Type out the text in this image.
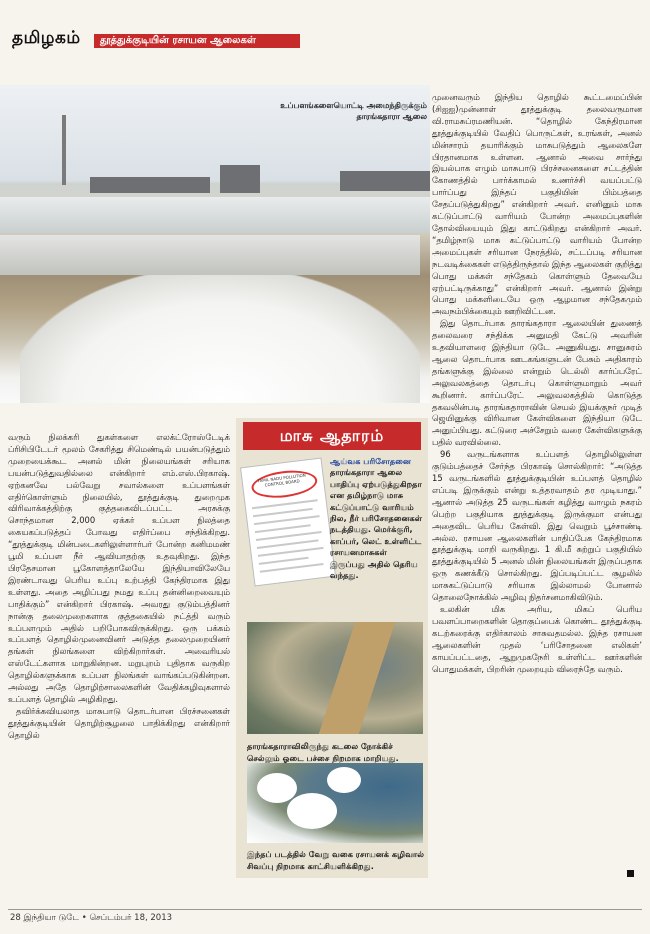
தமிழகம் தூத்துக்குடியின் ரசாயன ஆலைகள்
உப்பளங்களையொட்டி அமைந்திருக்கும் தாரங்கதாரா ஆலை

முனைவரும் இந்திய தொழில் கூட்டமைப்பின் (சிஐஐ)முன்னாள் தூத்துக்குடி தலைவருமான வி.ராமசுப்ரமணியன். “தொழில் கேந்திரமான தூத்துக்குடியில் வேதிப் பொருட்கள், உரங்கள், அனல் மின்சாரம் தயாரிக்கும் மாசுபடுத்தும் ஆலைகளே பிரதானமாக உள்ளன. ஆனால் அவை சார்ந்து இயல்பாக எழும் மாசுபாடு பிரச்சனைகளை சட்டத்தின் கோணத்தில் பார்க்காமல் உணர்ச்சி வயப்பட்டு பார்ப்பது இந்தப் பகுதியின் பிம்பத்தை சேதப்படுத்துகிறது” என்கிறார் அவர். எனினும் மாசு கட்டுப்பாட்டு வாரியம் போன்ற அமைப்புகளின் தோல்வியையும் இது காட்டுகிறது என்கிறார் அவர். “தமிழ்நாடு மாசு கட்டுப்பாட்டு வாரியம் போன்ற அமைப்புகள் சரியான நேரத்தில், சட்டப்படி சரியான நடவடிக்கைகள் எடுத்திருந்தால் இந்த ஆலைகள் குறித்து பொது மக்கள் சந்தேகம் கொள்ளும் தேவையே ஏற்பட்டிருக்காது” என்கிறார் அவர். ஆனால் இன்று பொது மக்களிடையே ஒரு ஆழமான சந்தேகமும் அவநம்பிக்கையும் ஊறிவிட்டன.

இது தொடர்பாக தாரங்கதாரா ஆலையின் துணைத் தலைவரை சந்திக்க அனுமதி கேட்டு அவரின் உதவியாளரை இந்தியா டுடே அணுகியது. சானுசுரம் ஆலை தொடர்பாக ஊடகங்களுடன் பேசும் அதிகாரம் தங்களுக்கு இல்லை என்றும் டெல்லி கார்ப்பரேட் அலுவலகத்தை தொடர்பு கொள்ளுமாறும் அவர் கூறினார். கார்ப்பரேட் அலுவலகத்தில் கொடுத்த தகவலின்படி தாரங்கதாராவின் செயல் இயக்குநர் முடித் ஜெயினுக்கு விரிவான கேள்விகளை இந்தியா டுடே அனுப்பியது. கட்டுரை அச்சேறும் வரை கேள்விகளுக்கு பதில் வரவில்லை.

96 வருடங்களாக உப்பளத் தொழிலிலுள்ள குடும்பத்தைச் சேர்ந்த பிரகாஷ் சொல்கிறார்: “அடுத்த 15 வருடங்களில் தூத்துக்குடியின் உப்பளத் தொழில் எப்படி இருக்கும் என்று உத்தரவாதம் தர முடியாது.” ஆனால் அடுத்த 25 வருடங்கள் கழித்து வாழும் நகரம் பெற்ற பகுதியாக தூத்துக்குடி இருக்குமா என்பது அதைவிட பெரிய கேள்வி. இது வெறும் பூச்சாண்டி அல்ல. ரசாயன ஆலைகளின் பாதிப்பேக கேந்திரமாக தூத்துக்குடி மாறி வருகிறது. 1 கி.மீ சுற்றுப் பகுதியில் தூத்துக்குடியில் 5 அனல் மின் நிலையங்கள் இருப்பதாக ஒரு கணக்கீடு சொல்கிறது. இப்படிப்பட்ட சூழலில் மாசுகட்டுப்பாடு சரியாக இல்லாமல் போனால் தொலைநோக்கில் அழிவு நிதர்சனமாகிவிடும்.

உலகின் மிக அரிய, மிகப் பெரிய பவளப்பாறைகளின் தொகுப்பைக் கொண்ட தூத்துக்குடி கடற்கரைக்கு எதிர்காலம் சாசுவதமல்ல. இந்த ரசாயன ஆலைகளின் முதல் ‘பரிசோதனை எலிகள்’ காயப்பட்டதை, ஆறுமுகநேரி உள்ளிட்ட ஊர்களின் பொதுமக்கள், பிறரின் முறையும் விரைந்தே வரும்.

வரும் நிலக்கரி துகள்களை எலக்ட்ரோஸ்டேடிக் ப்ரிசிபிடேடர் மூலம் சேகரித்து சிமெண்டில் பயன்படுத்தும் முறையைக்கூட அனல் மின் நிலையங்கள் சரியாக பயன்படுத்துவதில்லை என்கிறார் எம்.எஸ்.பிரகாஷ். ஏற்கனவே பல்வேறு சவால்களை உப்பளங்கள் எதிர்கொள்ளும் நிலையில், தூத்துக்குடி துறைமுக விரிவாக்கத்திற்கு குத்தகைவிடப்பட்ட அரசுக்கு சொந்தமான 2,000 ஏக்கர் உப்பள நிலத்தை கையகப்படுத்தப் போவது எதிர்ப்பை சந்திக்கிறது. “தூத்துக்குடி மின்படைகளிலுள்ளார்பர் போன்ற கனிமமண் பூமி உப்பள நீர் ஆவியாதற்கு உதவுகிறது. இந்த பிரதேசமான பூகோளத்தாலேயே இந்தியாவிலேயே இரண்டாவது பெரிய உப்பு உற்பத்தி கேந்திரமாக இது உள்ளது. அதை அழிப்பது நமது உப்பு தன்னிறைவையும் பாதிக்கும்” என்கிறார் பிரகாஷ். அவரது குடும்பத்தினர் நான்கு தலைமுறைகளாக குத்தகையில் நட்த்தி வரும் உப்பளமும் அதில் பறிபோகவிருக்கிறது. ஒரு பக்கம் உப்பளத் தொழில்முனைவினர் அடுத்த தலைமுறையினர் தங்கள் நிலங்களை விற்கிறார்கள். அவைரியல் எஸ்டேட்களாக மாறுகின்றன. மறுபுறம் புதிதாக வருகிற தொழில்களுக்காக உப்பள நிலங்கள் வாங்கப்படுகின்றன. அல்லது அதே தொழிற்சாலைகளின் வேதிக்கழிவுகளால் உப்பளத் தொழில் அழிகிறது.

தவிர்க்கவியலாத மாசுபாடு தொடர்பான பிரச்சனைகள் தூத்துக்குடியின் தொழிற்சூழலை பாதிக்கிறது என்கிறார் தொழில்

மாசு ஆதாரம்
TAMIL NADU POLLUTION CONTROL BOARD
ஆய்வக பரிசோதனை
தாரங்கதாரா ஆலை பாதிப்பு ஏற்படுத்துகிறதா என தமிழ்நாடு மாசு கட்டுப்பாட்டு வாரியம் நில, நீர் பரிசோதனைகள் நடத்தியது. மெர்க்குரி, காப்பர், லெட் உள்ளிட்ட ரசாயனமாசுகள் இருப்பது அதில் தெரிய வந்தது.
தாரங்கதாராவிலிருந்து கடலை நோக்கிச் செல்லும் ஓடை பச்சை நிறமாக மாறியது.
இந்தப் படத்தில் வேறு வகை ரசாயனக் கழிவால் சிவப்பு நிறமாக காட்சியளிக்கிறது.
28 இந்தியா டுடே • செப்டம்பர் 18, 2013
